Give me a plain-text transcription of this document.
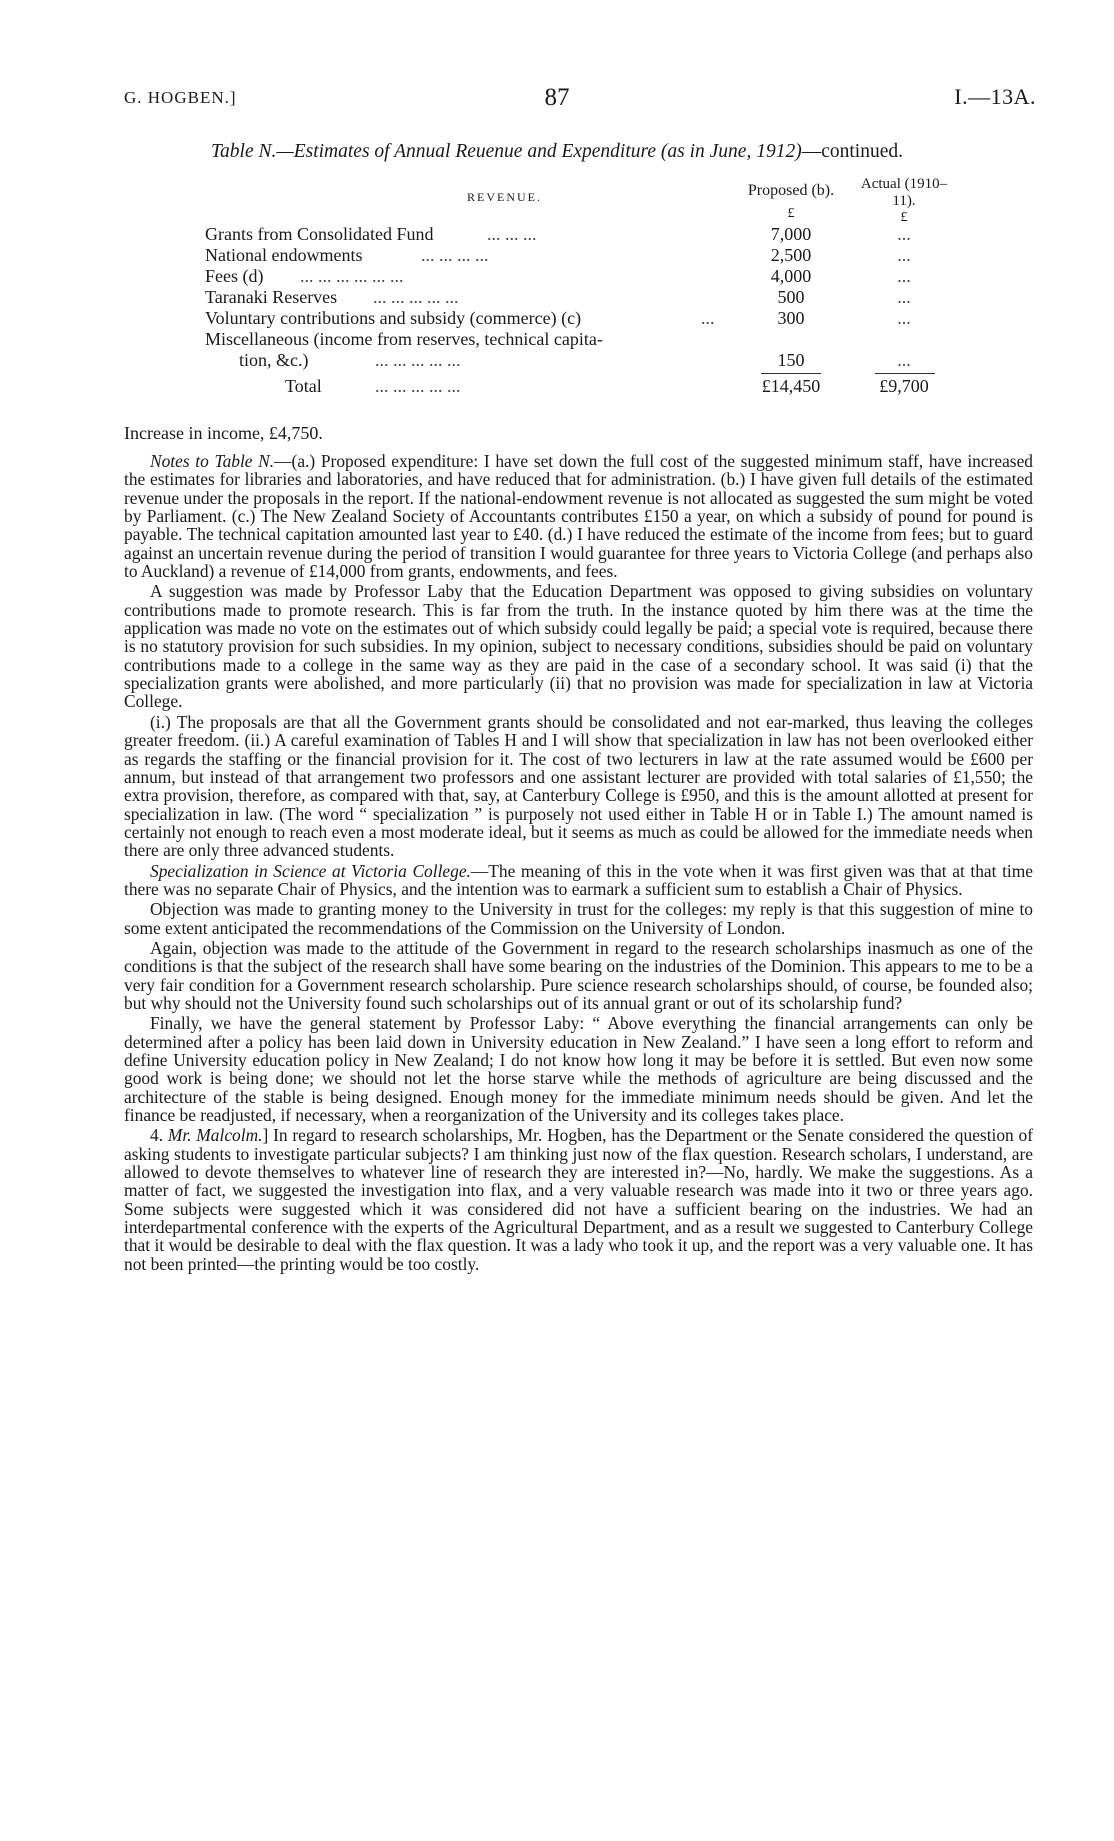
G. HOGBEN.]	87	I.—13A.
Table N.—Estimates of Annual Reuenue and Expenditure (as in June, 1912)—continued.
REVENUE.	Proposed (b).
£
Actual (1910–11).
£
Grants from Consolidated Fund	... ... ...	7,000	...
National endowments	... ... ... ...	2,500	...
Fees (d) ... ... ... ... ... ...	4,000	...
Taranaki Reserves ... ... ... ... ...	500	...
Voluntary contributions and subsidy (commerce) (c)	...	300	...
Miscellaneous (income from reserves, technical capita-
tion, &c.)	... ... ... ... ...	150	...
Total	... ... ... ... ...	£14,450	£9,700
Increase in income, £4,750.

Notes to Table N.—(a.) Proposed expenditure: I have set down the full cost of the suggested minimum staff, have increased the estimates for libraries and laboratories, and have reduced that for administration. (b.) I have given full details of the estimated revenue under the proposals in the report. If the national-endowment revenue is not allocated as suggested the sum might be voted by Parliament. (c.) The New Zealand Society of Accountants contributes £150 a year, on which a subsidy of pound for pound is payable. The technical capitation amounted last year to £40. (d.) I have reduced the estimate of the income from fees; but to guard against an uncertain revenue during the period of transition I would guarantee for three years to Victoria College (and perhaps also to Auckland) a revenue of £14,000 from grants, endowments, and fees.

A suggestion was made by Professor Laby that the Education Department was opposed to giving subsidies on voluntary contributions made to promote research. This is far from the truth. In the instance quoted by him there was at the time the application was made no vote on the estimates out of which subsidy could legally be paid; a special vote is required, because there is no statutory provision for such subsidies. In my opinion, subject to necessary conditions, subsidies should be paid on voluntary contributions made to a college in the same way as they are paid in the case of a secondary school. It was said (i) that the specialization grants were abolished, and more particularly (ii) that no provision was made for specialization in law at Victoria College.

(i.) The proposals are that all the Government grants should be consolidated and not ear-marked, thus leaving the colleges greater freedom. (ii.) A careful examination of Tables H and I will show that specialization in law has not been overlooked either as regards the staffing or the financial provision for it. The cost of two lecturers in law at the rate assumed would be £600 per annum, but instead of that arrangement two professors and one assistant lecturer are provided with total salaries of £1,550; the extra provision, therefore, as compared with that, say, at Canterbury College is £950, and this is the amount allotted at present for specialization in law. (The word “ specialization ” is purposely not used either in Table H or in Table I.) The amount named is certainly not enough to reach even a most moderate ideal, but it seems as much as could be allowed for the immediate needs when there are only three advanced students.

Specialization in Science at Victoria College.—The meaning of this in the vote when it was first given was that at that time there was no separate Chair of Physics, and the intention was to earmark a sufficient sum to establish a Chair of Physics.

Objection was made to granting money to the University in trust for the colleges: my reply is that this suggestion of mine to some extent anticipated the recommendations of the Commission on the University of London.

Again, objection was made to the attitude of the Government in regard to the research scholarships inasmuch as one of the conditions is that the subject of the research shall have some bearing on the industries of the Dominion. This appears to me to be a very fair condition for a Government research scholarship. Pure science research scholarships should, of course, be founded also; but why should not the University found such scholarships out of its annual grant or out of its scholarship fund?

Finally, we have the general statement by Professor Laby: “ Above everything the financial arrangements can only be determined after a policy has been laid down in University education in New Zealand.” I have seen a long effort to reform and define University education policy in New Zealand; I do not know how long it may be before it is settled. But even now some good work is being done; we should not let the horse starve while the methods of agriculture are being discussed and the architecture of the stable is being designed. Enough money for the immediate minimum needs should be given. And let the finance be readjusted, if necessary, when a reorganization of the University and its colleges takes place.

4. Mr. Malcolm.] In regard to research scholarships, Mr. Hogben, has the Department or the Senate considered the question of asking students to investigate particular subjects? I am thinking just now of the flax question. Research scholars, I understand, are allowed to devote themselves to whatever line of research they are interested in?—No, hardly. We make the suggestions. As a matter of fact, we suggested the investigation into flax, and a very valuable research was made into it two or three years ago. Some subjects were suggested which it was considered did not have a sufficient bearing on the industries. We had an interdepartmental conference with the experts of the Agricultural Department, and as a result we suggested to Canterbury College that it would be desirable to deal with the flax question. It was a lady who took it up, and the report was a very valuable one. It has not been printed—the printing would be too costly.
